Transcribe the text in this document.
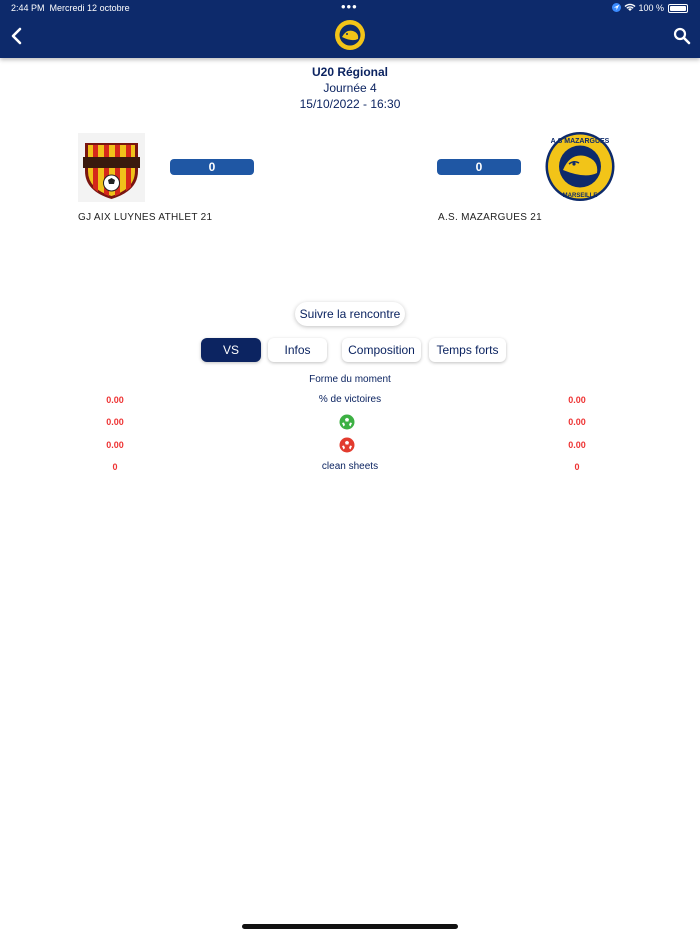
2:44 PM Mercredi 12 octobre	•••	100 %
U20 Régional
Journée 4
15/10/2022 - 16:30
0
GJ AIX LUYNES ATHLET 21
0
A.S MAZARGUES
MARSEILLE
A.S. MAZARGUES 21
Suivre la rencontre
VS	Infos	Composition	Temps forts
Forme du moment
0.00	% de victoires	0.00
0.00	0.00
0.00	0.00
0	clean sheets	0
